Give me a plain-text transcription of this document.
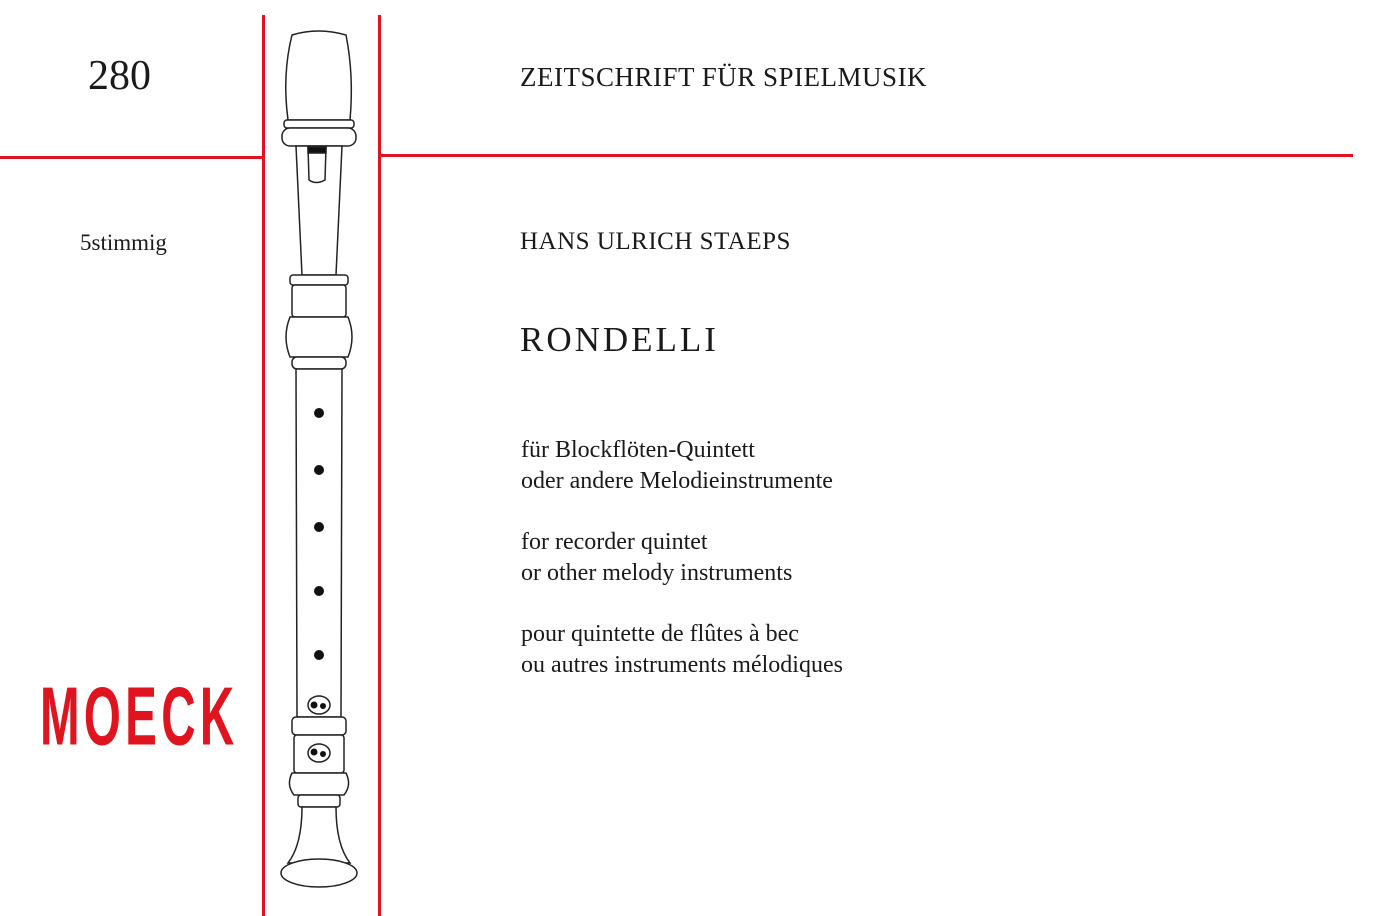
280	ZEITSCHRIFT FÜR SPIELMUSIK
5stimmig	HANS ULRICH STAEPS
RONDELLI
für Blockflöten-Quintett
oder andere Melodieinstrumente
for recorder quintet
or other melody instruments
pour quintette de flûtes à bec
ou autres instruments mélodiques
MOECK
